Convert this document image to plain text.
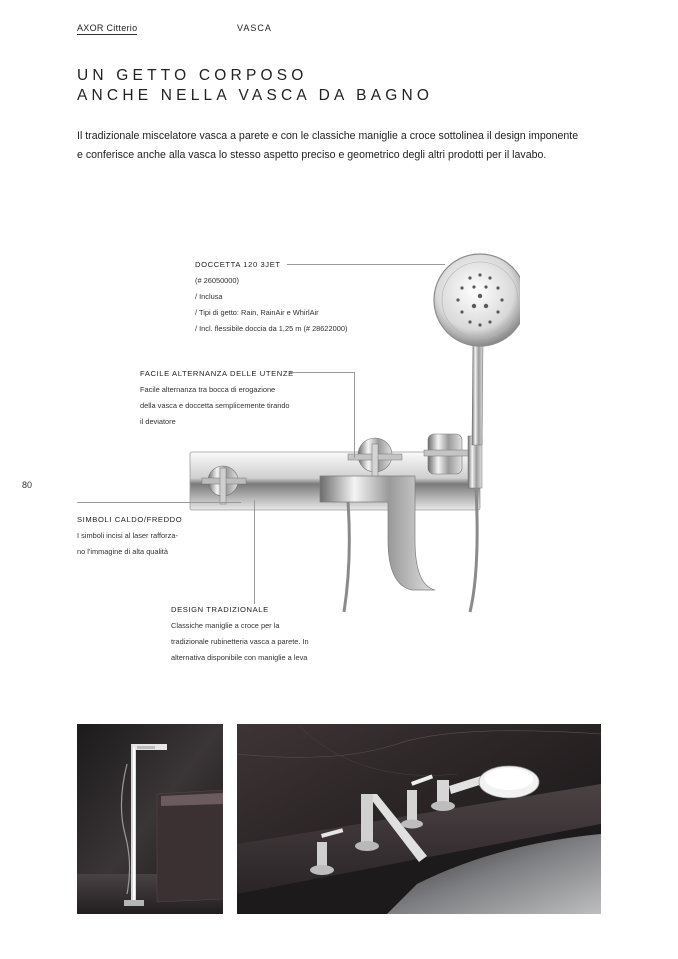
AXOR Citterio	VASCA
UN GETTO CORPOSO
ANCHE NELLA VASCA DA BAGNO

Il tradizionale miscelatore vasca a parete e con le classiche maniglie a croce sottolinea il design imponente
e conferisce anche alla vasca lo stesso aspetto preciso e geometrico degli altri prodotti per il lavabo.

80
DOCCETTA 120 3JET
(# 26050000)
/ Inclusa
/ Tipi di getto: Rain, RainAir e WhirlAir
/ Incl. flessibile doccia da 1,25 m (# 28622000)
FACILE ALTERNANZA DELLE UTENZE
Facile alternanza tra bocca di erogazione
della vasca e doccetta semplicemente tirando
il deviatore
SIMBOLI CALDO/FREDDO
I simboli incisi al laser rafforza-
no l'immagine di alta qualità
DESIGN TRADIZIONALE
Classiche maniglie a croce per la
tradizionale rubinetteria vasca a parete. In
alternativa disponibile con maniglie a leva
